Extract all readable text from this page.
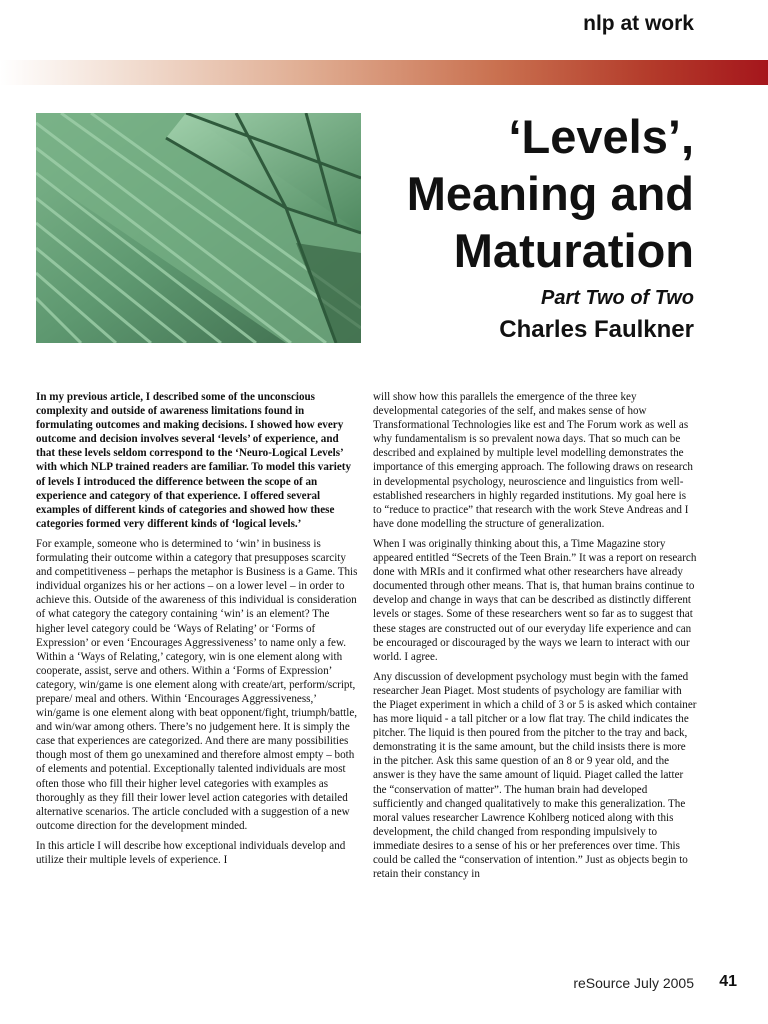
nlp at work
‘Levels’,
Meaning and
Maturation
Part Two of Two
Charles Faulkner

In my previous article, I described some of the unconscious complexity and outside of awareness limitations found in formulating outcomes and making decisions. I showed how every outcome and decision involves several ‘levels’ of experience, and that these levels seldom correspond to the ‘Neuro-Logical Levels’ with which NLP trained readers are familiar. To model this variety of levels I introduced the difference between the scope of an experience and category of that experience. I offered several examples of different kinds of categories and showed how these categories formed very different kinds of ‘logical levels.’

For example, someone who is determined to ‘win’ in business is formulating their outcome within a category that presupposes scarcity and competitiveness – perhaps the metaphor is Business is a Game. This individual organizes his or her actions – on a lower level – in order to achieve this. Outside of the awareness of this individual is consideration of what category the category containing ‘win’ is an element? The higher level category could be ‘Ways of Relating’ or ‘Forms of Expression’ or even ‘Encourages Aggressiveness’ to name only a few. Within a ‘Ways of Relating,’ category, win is one element along with cooperate, assist, serve and others. Within a ‘Forms of Expression’ category, win/game is one element along with create/art, perform/script, prepare/ meal and others. Within ‘Encourages Aggressiveness,’ win/game is one element along with beat opponent/fight, triumph/battle, and win/war among others. There’s no judgement here. It is simply the case that experiences are categorized. And there are many possibilities though most of them go unexamined and therefore almost empty – both of elements and potential. Exceptionally talented individuals are most often those who fill their higher level categories with examples as thoroughly as they fill their lower level action categories with detailed alternative scenarios. The article concluded with a suggestion of a new outcome direction for the development minded.

In this article I will describe how exceptional individuals develop and utilize their multiple levels of experience. I

will show how this parallels the emergence of the three key developmental categories of the self, and makes sense of how Transformational Technologies like est and The Forum work as well as why fundamentalism is so prevalent nowa days. That so much can be described and explained by multiple level modelling demonstrates the importance of this emerging approach. The following draws on research in developmental psychology, neuroscience and linguistics from well-established researchers in highly regarded institutions. My goal here is to “reduce to practice” that research with the work Steve Andreas and I have done modelling the structure of generalization.

When I was originally thinking about this, a Time Magazine story appeared entitled “Secrets of the Teen Brain.” It was a report on research done with MRIs and it confirmed what other researchers have already documented through other means. That is, that human brains continue to develop and change in ways that can be described as distinctly different levels or stages. Some of these researchers went so far as to suggest that these stages are constructed out of our everyday life experience and can be encouraged or discouraged by the ways we learn to interact with our world. I agree.

Any discussion of development psychology must begin with the famed researcher Jean Piaget. Most students of psychology are familiar with the Piaget experiment in which a child of 3 or 5 is asked which container has more liquid - a tall pitcher or a low flat tray. The child indicates the pitcher. The liquid is then poured from the pitcher to the tray and back, demonstrating it is the same amount, but the child insists there is more in the pitcher. Ask this same question of an 8 or 9 year old, and the answer is they have the same amount of liquid. Piaget called the latter the “conservation of matter”. The human brain had developed sufficiently and changed qualitatively to make this generalization. The moral values researcher Lawrence Kohlberg noticed along with this development, the child changed from responding impulsively to immediate desires to a sense of his or her preferences over time. This could be called the “conservation of intention.” Just as objects begin to retain their constancy in

reSource July 2005 41
